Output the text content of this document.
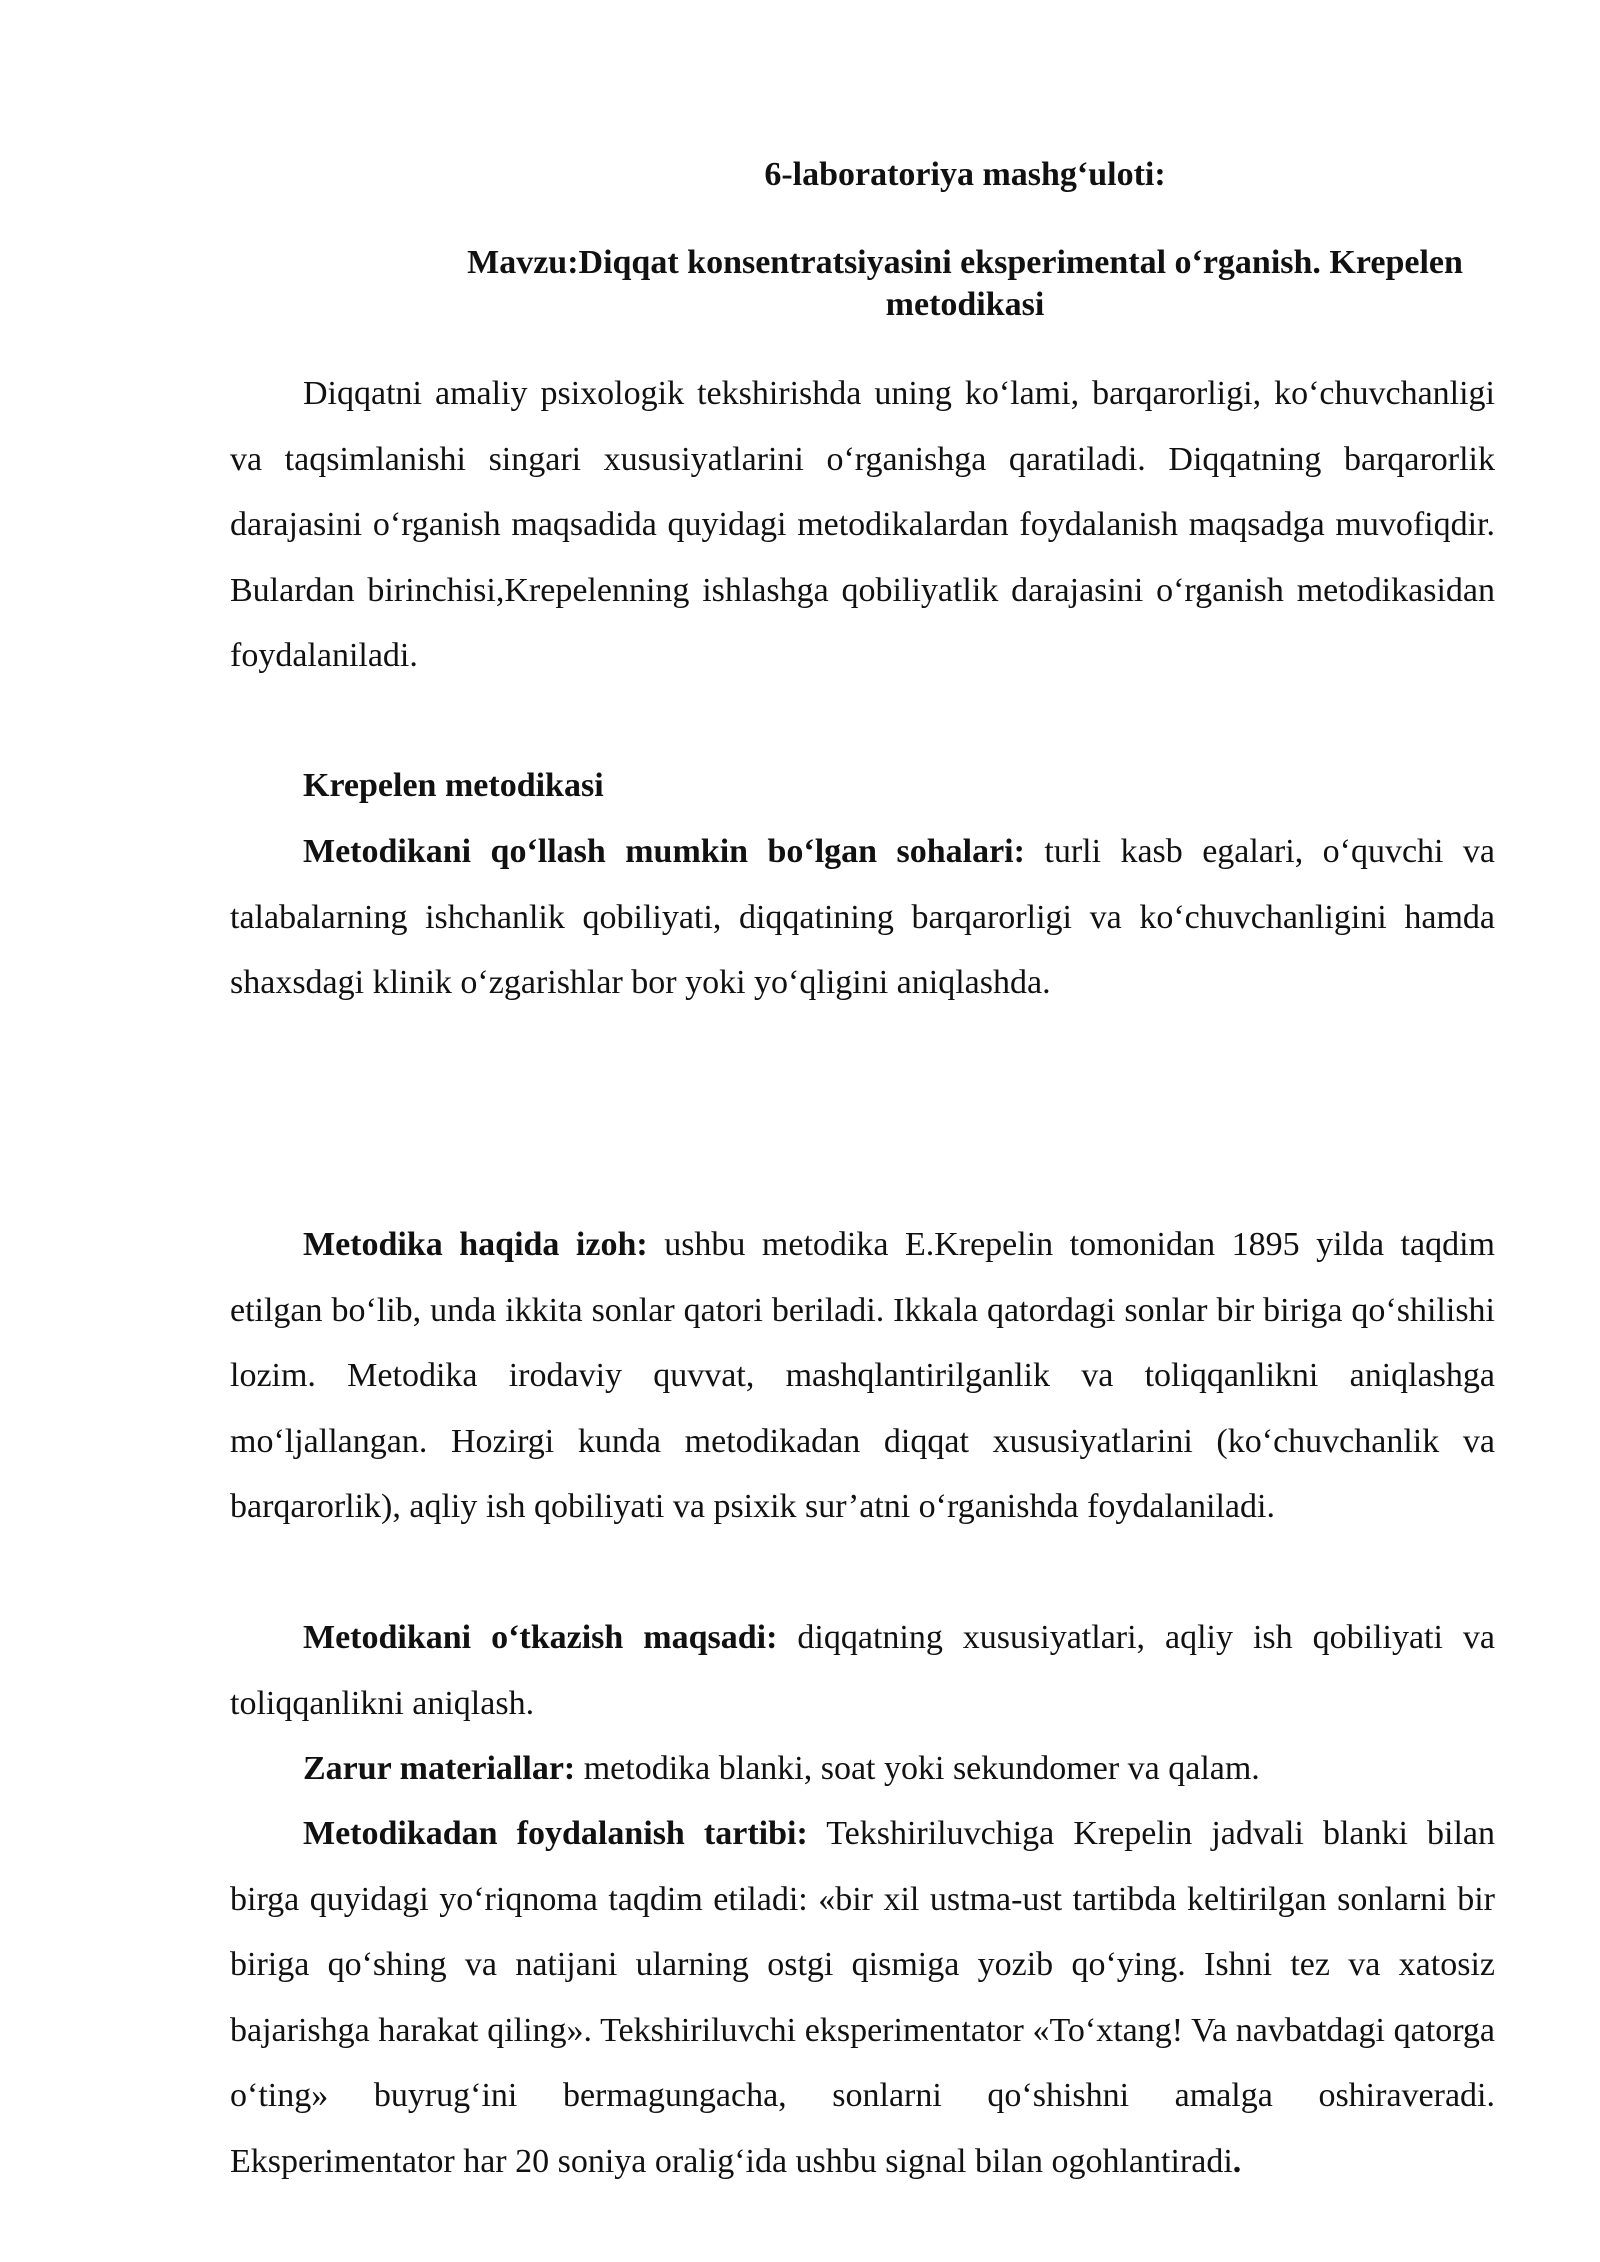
6-laboratoriya mashg‘uloti:
Mavzu:Diqqat konsentratsiyasini eksperimental o‘rganish. Krepelen metodikasi

Diqqatni amaliy psixologik tekshirishda uning ko‘lami, barqarorligi, ko‘chuvchanligi va taqsimlanishi singari xususiyatlarini o‘rganishga qaratiladi. Diqqatning barqarorlik darajasini o‘rganish maqsadida quyidagi metodikalardan foydalanish maqsadga muvofiqdir. Bulardan birinchisi,Krepelenning ishlashga qobiliyatlik darajasini o‘rganish metodikasidan foydalaniladi.

Krepelen metodikasi

Metodikani qo‘llash mumkin bo‘lgan sohalari: turli kasb egalari, o‘quvchi va talabalarning ishchanlik qobiliyati, diqqatining barqarorligi va ko‘chuvchanligini hamda shaxsdagi klinik o‘zgarishlar bor yoki yo‘qligini aniqlashda.

Metodika haqida izoh: ushbu metodika E.Krepelin tomonidan 1895 yilda taqdim etilgan bo‘lib, unda ikkita sonlar qatori beriladi. Ikkala qatordagi sonlar bir biriga qo‘shilishi lozim. Metodika irodaviy quvvat, mashqlantirilganlik va toliqqanlikni aniqlashga mo‘ljallangan. Hozirgi kunda metodikadan diqqat xususiyatlarini (ko‘chuvchanlik va barqarorlik), aqliy ish qobiliyati va psixik sur’atni o‘rganishda foydalaniladi.

Metodikani o‘tkazish maqsadi: diqqatning xususiyatlari, aqliy ish qobiliyati va toliqqanlikni aniqlash.

Zarur materiallar: metodika blanki, soat yoki sekundomer va qalam.

Metodikadan foydalanish tartibi: Tekshiriluvchiga Krepelin jadvali blanki bilan birga quyidagi yo‘riqnoma taqdim etiladi: «bir xil ustma-ust tartibda keltirilgan sonlarni bir biriga qo‘shing va natijani ularning ostgi qismiga yozib qo‘ying. Ishni tez va xatosiz bajarishga harakat qiling». Tekshiriluvchi eksperimentator «To‘xtang! Va navbatdagi qatorga o‘ting» buyrug‘ini bermagungacha, sonlarni qo‘shishni amalga oshiraveradi. Eksperimentator har 20 soniya oralig‘ida ushbu signal bilan ogohlantiradi.
